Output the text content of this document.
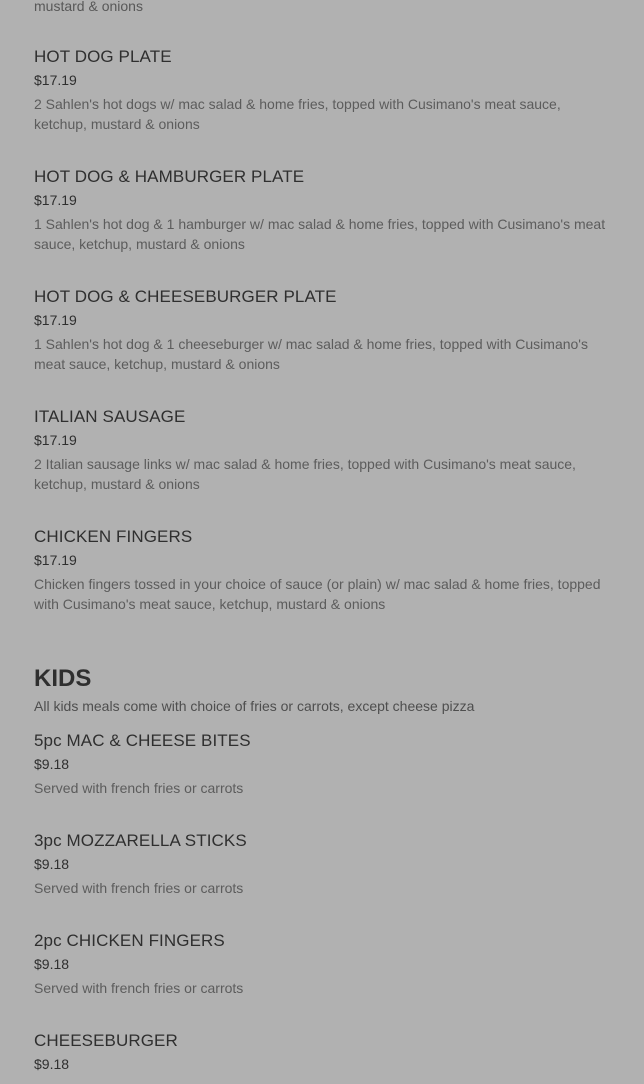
mustard & onions

HOT DOG PLATE

$17.19

2 Sahlen's hot dogs w/ mac salad & home fries, topped with Cusimano's meat sauce, ketchup, mustard & onions

HOT DOG & HAMBURGER PLATE

$17.19

1 Sahlen's hot dog & 1 hamburger w/ mac salad & home fries, topped with Cusimano's meat sauce, ketchup, mustard & onions

HOT DOG & CHEESEBURGER PLATE

$17.19

1 Sahlen's hot dog & 1 cheeseburger w/ mac salad & home fries, topped with Cusimano's meat sauce, ketchup, mustard & onions

ITALIAN SAUSAGE

$17.19

2 Italian sausage links w/ mac salad & home fries, topped with Cusimano's meat sauce, ketchup, mustard & onions

CHICKEN FINGERS

$17.19

Chicken fingers tossed in your choice of sauce (or plain) w/ mac salad & home fries, topped with Cusimano's meat sauce, ketchup, mustard & onions

KIDS

All kids meals come with choice of fries or carrots, except cheese pizza

5pc MAC & CHEESE BITES

$9.18

Served with french fries or carrots

3pc MOZZARELLA STICKS

$9.18

Served with french fries or carrots

2pc CHICKEN FINGERS

$9.18

Served with french fries or carrots

CHEESEBURGER

$9.18
